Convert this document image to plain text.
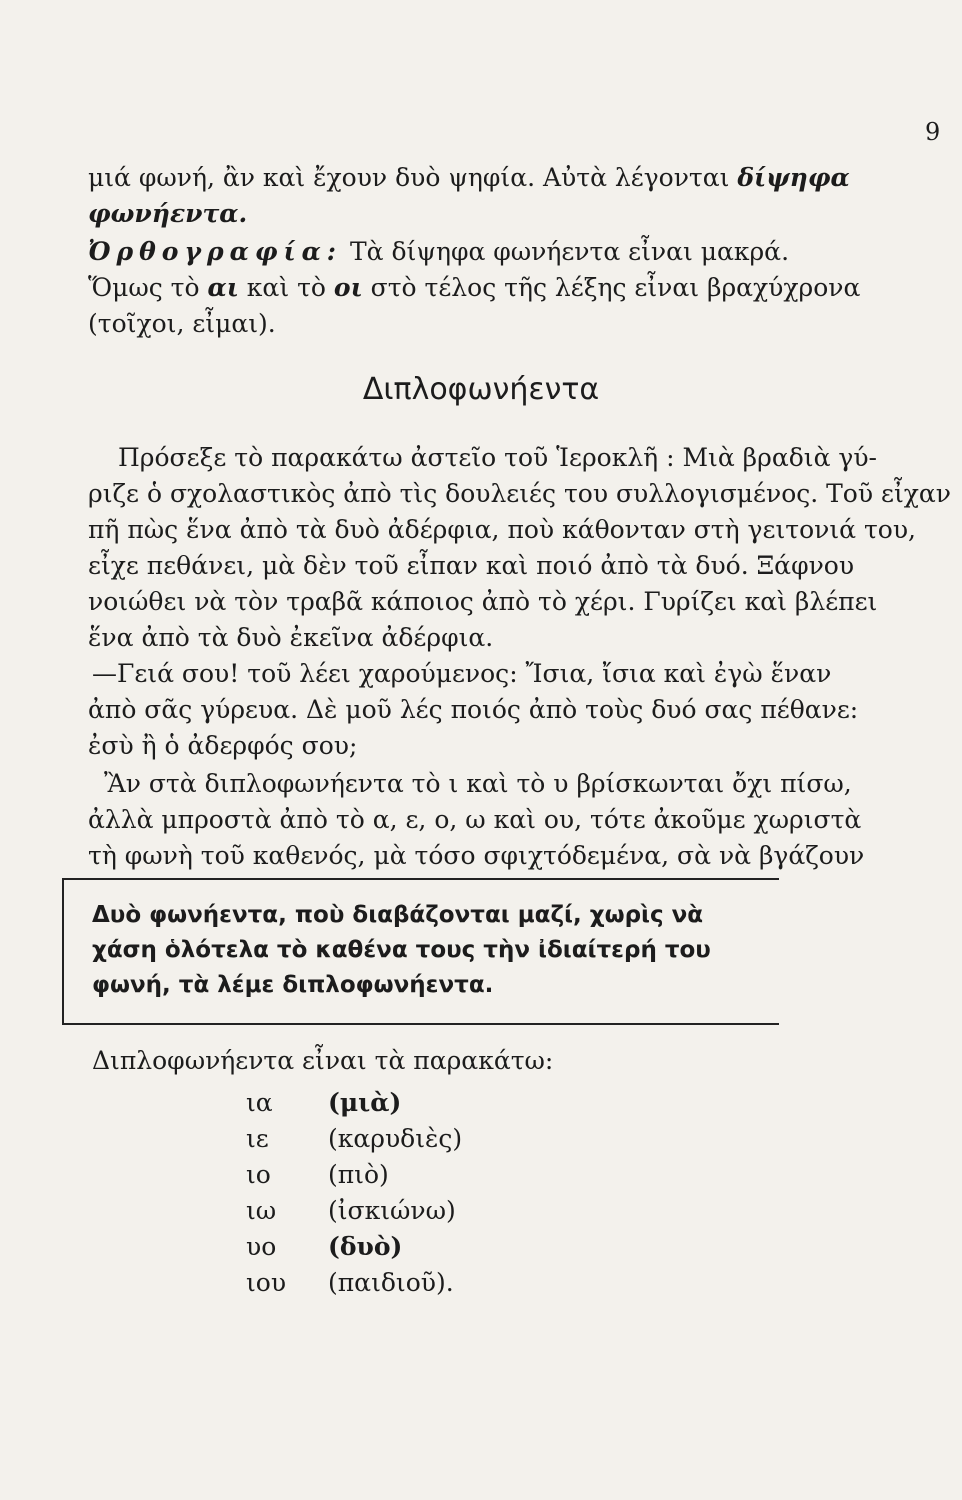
9
μιά φωνή, ἂν καὶ ἔχουν δυὸ ψηφία. Αὐτὰ λέγονται δίψηφα
φωνήεντα.
Ὀρθογραφία: Τὰ δίψηφα φωνήεντα εἶναι μακρά.
Ὅμως τὸ αι καὶ τὸ οι στὸ τέλος τῆς λέξης εἶναι βραχύχρονα
(τοῖχοι, εἶμαι).
Διπλοφωνήεντα
Πρόσεξε τὸ παρακάτω ἀστεῖο τοῦ Ἱεροκλῆ : Μιὰ βραδιὰ γύ-
ριζε ὁ σχολαστικὸς ἀπὸ τὶς δουλειές του συλλογισμένος. Τοῦ εἶχαν
πῆ πὼς ἕνα ἀπὸ τὰ δυὸ ἀδέρφια, ποὺ κάθονταν στὴ γειτονιά του,
εἶχε πεθάνει, μὰ δὲν τοῦ εἶπαν καὶ ποιό ἀπὸ τὰ δυό. Ξάφνου
νοιώθει νὰ τὸν τραβᾶ κάποιος ἀπὸ τὸ χέρι. Γυρίζει καὶ βλέπει
ἕνα ἀπὸ τὰ δυὸ ἐκεῖνα ἀδέρφια.
—Γειά σου! τοῦ λέει χαρούμενος: Ἴσια, ἴσια καὶ ἐγὼ ἕναν
ἀπὸ σᾶς γύρευα. Δὲ μοῦ λές ποιός ἀπὸ τοὺς δυό σας πέθανε:
ἐσὺ ἢ ὁ ἀδερφός σου;
Ἂν στὰ διπλοφωνήεντα τὸ ι καὶ τὸ υ βρίσκωνται ὄχι πίσω,
ἀλλὰ μπροστὰ ἀπὸ τὸ α, ε, ο, ω καὶ ου, τότε ἀκοῦμε χωριστὰ
τὴ φωνὴ τοῦ καθενός, μὰ τόσο σφιχτόδεμένα, σὰ νὰ βγάζουν
Δυὸ φωνήεντα, ποὺ διαβάζονται μαζί, χωρὶς νὰ
χάση ὁλότελα τὸ καθένα τους τὴν ἰδιαίτερή του
φωνή, τὰ λέμε διπλοφωνήεντα.
Διπλοφωνήεντα εἶναι τὰ παρακάτω:
ια	(μιὰ)
ιε	(καρυδιὲς)
ιο	(πιὸ)
ιω	(ἰσκιώνω)
υο	(δυὸ)
ιου	(παιδιοῦ).
